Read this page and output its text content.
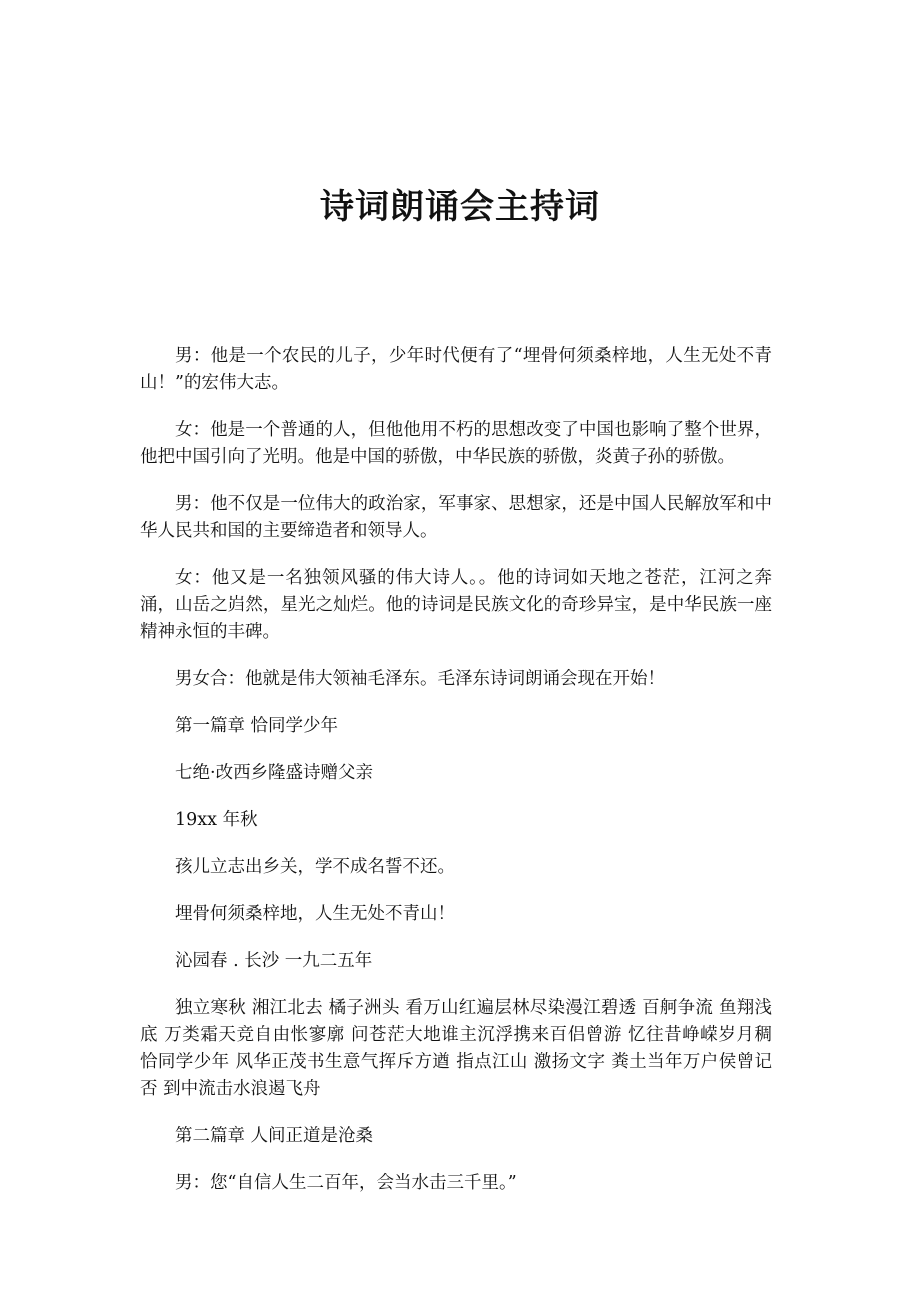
诗词朗诵会主持词

男：他是一个农民的儿子，少年时代便有了“埋骨何须桑梓地，人生无处不青山！”的宏伟大志。

女：他是一个普通的人，但他他用不朽的思想改变了中国也影响了整个世界，他把中国引向了光明。他是中国的骄傲，中华民族的骄傲，炎黄子孙的骄傲。

男：他不仅是一位伟大的政治家，军事家、思想家，还是中国人民解放军和中华人民共和国的主要缔造者和领导人。

女：他又是一名独领风骚的伟大诗人。。他的诗词如天地之苍茫，江河之奔涌，山岳之岿然，星光之灿烂。他的诗词是民族文化的奇珍异宝，是中华民族一座精神永恒的丰碑。

男女合：他就是伟大领袖毛泽东。毛泽东诗词朗诵会现在开始！

第一篇章 恰同学少年

七绝·改西乡隆盛诗赠父亲

19xx 年秋

孩儿立志出乡关，学不成名誓不还。

埋骨何须桑梓地，人生无处不青山！

沁园春 . 长沙 一九二五年

独立寒秋 湘江北去 橘子洲头 看万山红遍层林尽染漫江碧透 百舸争流 鱼翔浅底 万类霜天竞自由怅寥廓 问苍茫大地谁主沉浮携来百侣曾游 忆往昔峥嵘岁月稠 恰同学少年 风华正茂书生意气挥斥方遒 指点江山 激扬文字 粪土当年万户侯曾记否 到中流击水浪遏飞舟

第二篇章 人间正道是沧桑

男：您“自信人生二百年，会当水击三千里。”
